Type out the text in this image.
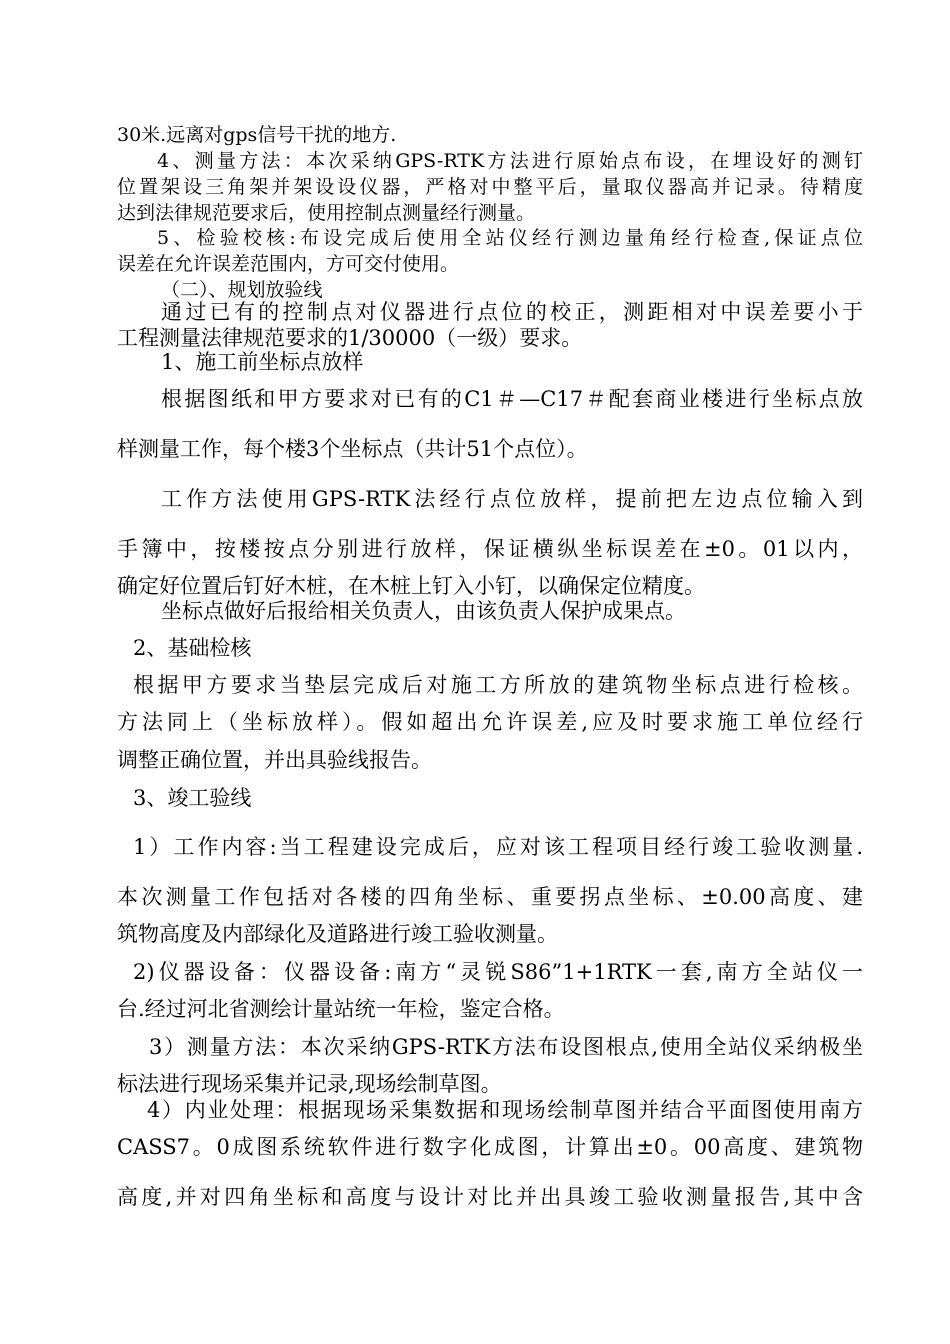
30米.远离对gps信号干扰的地方.
4、测量方法：本次采纳GPS-RTK方法进行原始点布设，在埋设好的测钉
位置架设三角架并架设设仪器，严格对中整平后，量取仪器高并记录。待精度
达到法律规范要求后，使用控制点测量经行测量。
5、检验校核:布设完成后使用全站仪经行测边量角经行检查,保证点位
误差在允许误差范围内，方可交付使用。
（二）、规划放验线
通过已有的控制点对仪器进行点位的校正，测距相对中误差要小于
工程测量法律规范要求的1/30000（一级）要求。
1、施工前坐标点放样
根据图纸和甲方要求对已有的C1＃—C17＃配套商业楼进行坐标点放
样测量工作，每个楼3个坐标点（共计51个点位）。
工作方法使用GPS-RTK法经行点位放样，提前把左边点位输入到
手簿中，按楼按点分别进行放样，保证横纵坐标误差在±0。01以内，
确定好位置后钉好木桩，在木桩上钉入小钉，以确保定位精度。
坐标点做好后报给相关负责人，由该负责人保护成果点。
2、基础检核
根据甲方要求当垫层完成后对施工方所放的建筑物坐标点进行检核。
方法同上（坐标放样）。假如超出允许误差,应及时要求施工单位经行
调整正确位置，并出具验线报告。
3、竣工验线
1）工作内容:当工程建设完成后，应对该工程项目经行竣工验收测量.
本次测量工作包括对各楼的四角坐标、重要拐点坐标、±0.00高度、建
筑物高度及内部绿化及道路进行竣工验收测量。
2)仪器设备：仪器设备:南方“灵锐S86”1+1RTK一套,南方全站仪一
台.经过河北省测绘计量站统一年检，鉴定合格。
3）测量方法：本次采纳GPS-RTK方法布设图根点,使用全站仪采纳极坐
标法进行现场采集并记录,现场绘制草图。
4）内业处理：根据现场采集数据和现场绘制草图并结合平面图使用南方
CASS7。0成图系统软件进行数字化成图，计算出±0。00高度、建筑物
高度,并对四角坐标和高度与设计对比并出具竣工验收测量报告,其中含
